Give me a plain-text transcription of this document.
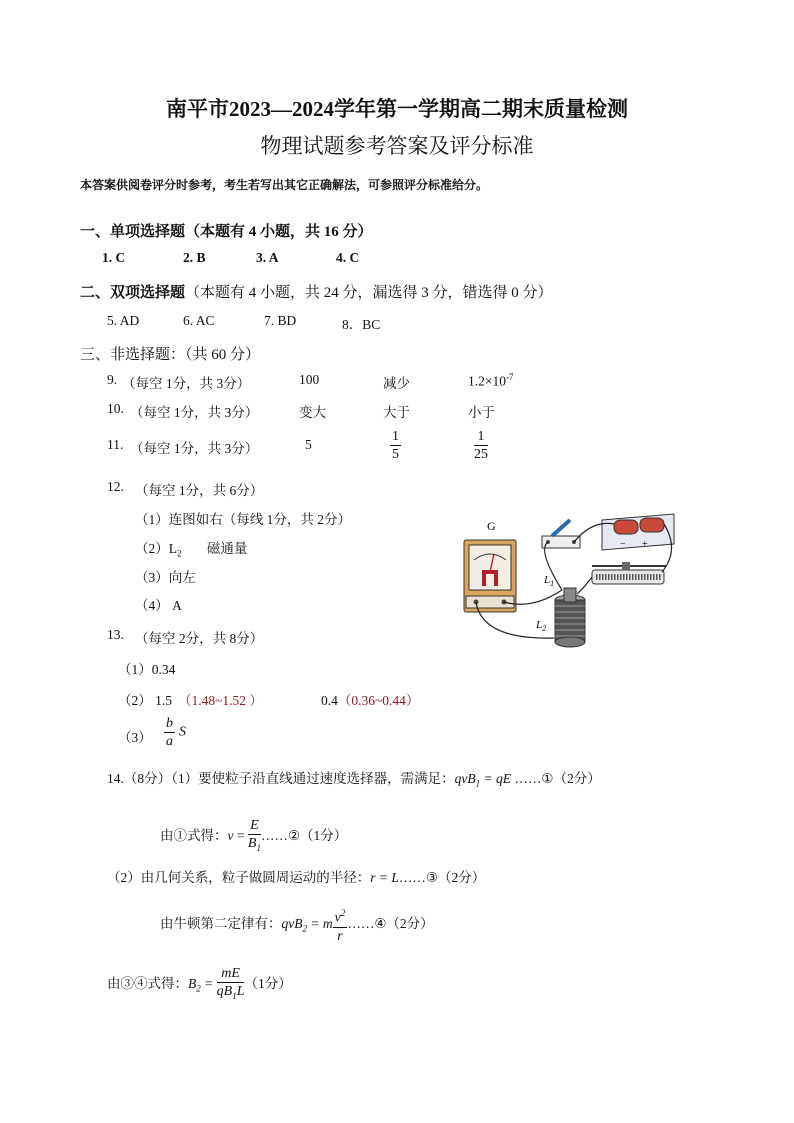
南平市2023—2024学年第一学期高二期末质量检测
物理试题参考答案及评分标准
本答案供阅卷评分时参考，考生若写出其它正确解法，可参照评分标准给分。
一、单项选择题（本题有 4 小题，共 16 分）
1. C	2. B	3. A	4. C
二、双项选择题（本题有 4 小题，共 24 分，漏选得 3 分，错选得 0 分）
5. AD	6. AC	7. BD	8．BC
三、非选择题：（共 60 分）
9. （每空 1分，共 3分）	100	减少	$1.2\times 10^{-7}$
10. （每空 1分，共 3分）	变大	大于	小于
11. （每空 1分，共 3分）	5	$\frac{1}{5}$	$\frac{1}{25}$
12. （每空 1分，共 6分）
（1）连图如右（每线 1分，共 2分）
$(2)L_2$ 磁通量
（3）向左
（4） A
G
− +
$L_1$
$L_2$
13. （每空 2分，共 8分）
（1）0.34
（2） 1.5 （1.48~1.52 ）	0.4（0.36~0.44）
$(3) \frac{b}{a}$ S
14.（8分）（1）要使粒子沿直线通过速度选择器，需满足：qvB$_1$ = qE ……①（2分）
由①式得：$v = \frac{E}{B_1}$ ……②（1分）
（2）由几何关系，粒子做圆周运动的半径：r = L……③（2分）
由牛顿第二定律有：qvB$_2$ = m $\frac{v^2}{r}$ ……④（2分）
由③④式得：$B_2 = \frac{mE}{qB_1L} (1$分）
